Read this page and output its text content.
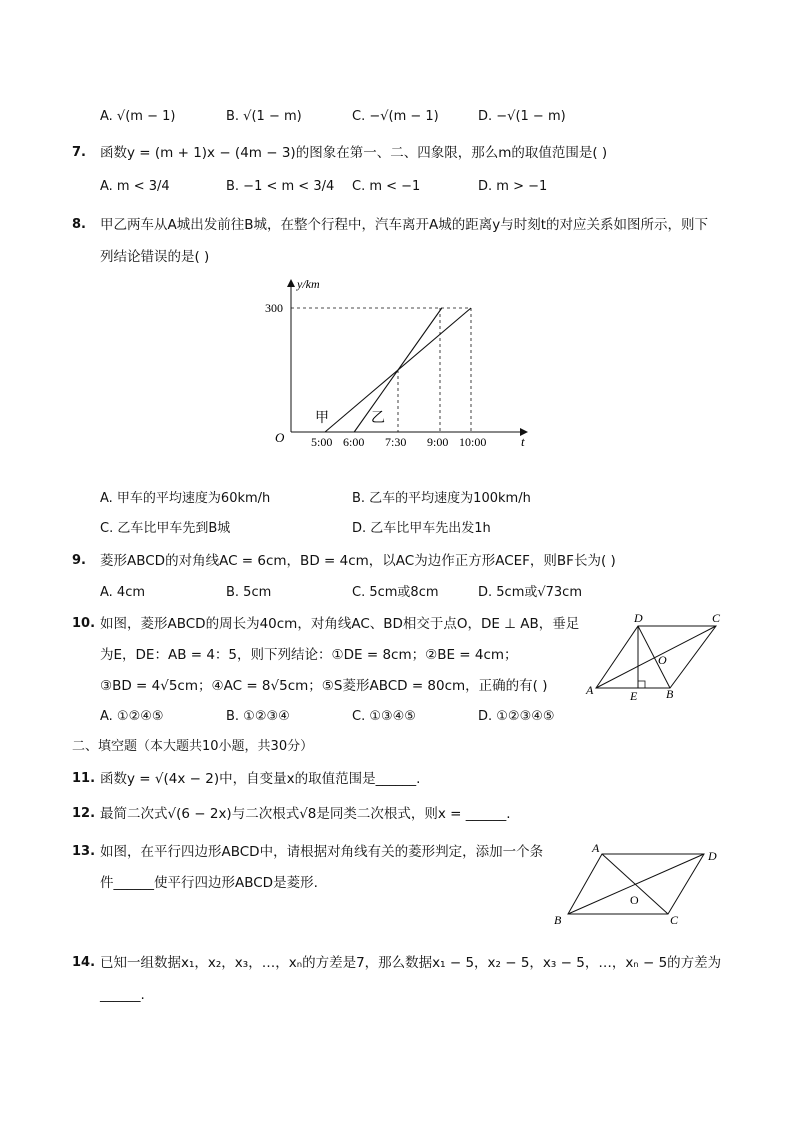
A. √(m − 1)	B. √(1 − m)	C. −√(m − 1)	D. −√(1 − m)
7. 函数y = (m + 1)x − (4m − 3)的图象在第一、二、四象限，那么m的取值范围是( )
A. m < 3/4	B. −1 < m < 3/4 C. m < −1	D. m > −1
8. 甲乙两车从A城出发前往B城，在整个行程中，汽车离开A城的距离y与时刻t的对应关系如图所示，则下
列结论错误的是( )
y/km
t
O
300
5:00 6:00 7:30 9:00 10:00
甲	乙
A. 甲车的平均速度为60km/h	B. 乙车的平均速度为100km/h
C. 乙车比甲车先到B城	D. 乙车比甲车先出发1h
9. 菱形ABCD的对角线AC = 6cm，BD = 4cm，以AC为边作正方形ACEF，则BF长为( )
A. 4cm	B. 5cm	C. 5cm或8cm	D. 5cm或√73cm
10. 如图，菱形ABCD的周长为40cm，对角线AC、BD相交于点O，DE ⊥ AB，垂足
为E，DE：AB = 4：5，则下列结论：①DE = 8cm；②BE = 4cm；
③BD = 4√5cm；④AC = 8√5cm；⑤S菱形ABCD = 80cm，正确的有( )
D	C
O
A	E B
A. ①②④⑤	B. ①②③④	C. ①③④⑤	D. ①②③④⑤
二、填空题（本大题共10小题，共30分）
11. 函数y = √(4x − 2)中，自变量x的取值范围是______.
12. 最简二次式√(6 − 2x)与二次根式√8是同类二次根式，则x = ______.
13. 如图，在平行四边形ABCD中，请根据对角线有关的菱形判定，添加一个条
件______使平行四边形ABCD是菱形.
A
D
O
B	C
14. 已知一组数据x₁，x₂，x₃，…，xₙ的方差是7，那么数据x₁ − 5，x₂ − 5，x₃ − 5，…，xₙ − 5的方差为
______.
